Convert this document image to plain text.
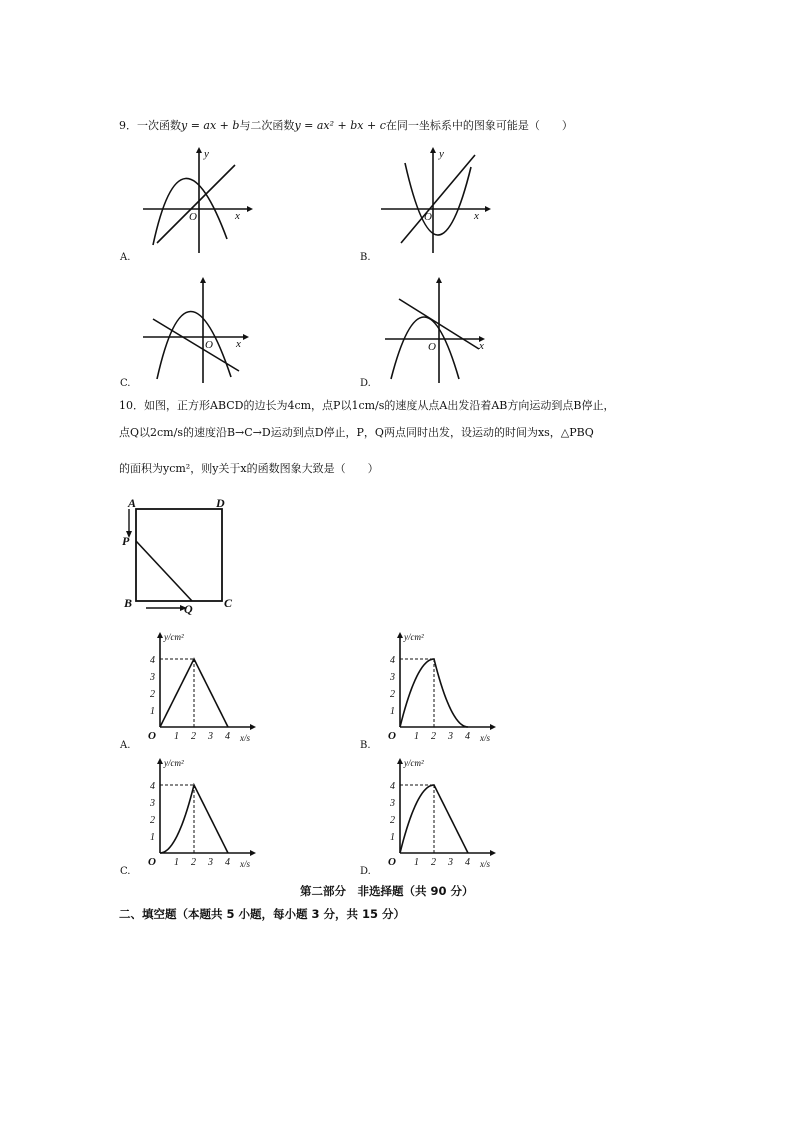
9．一次函数y = ax + b与二次函数y = ax² + bx + c在同一坐标系中的图象可能是（　　）
y
x
O
A.
y
x
O
B.
x
O
C.
x
O
D.
10．如图，正方形ABCD的边长为4cm，点P以1cm/s的速度从点A出发沿着AB方向运动到点B停止，
点Q以2cm/s的速度沿B→C→D运动到点D停止，P，Q两点同时出发，设运动的时间为xs，△PBQ
的面积为ycm²，则y关于x的函数图象大致是（　　）
A	D
P
B	Q	C
1
1
2
2
3
3
4
4
O
y/cm²
x/s
A.
1
1
2
2
3
3
4
4
O
y/cm²
x/s
B.
1
1
2
2
3
3
4
4
O
y/cm²
x/s
C.
1
1
2
2
3
3
4
4
O
y/cm²
x/s
D.
第二部分　非选择题（共 90 分）
二、填空题（本题共 5 小题，每小题 3 分，共 15 分）
